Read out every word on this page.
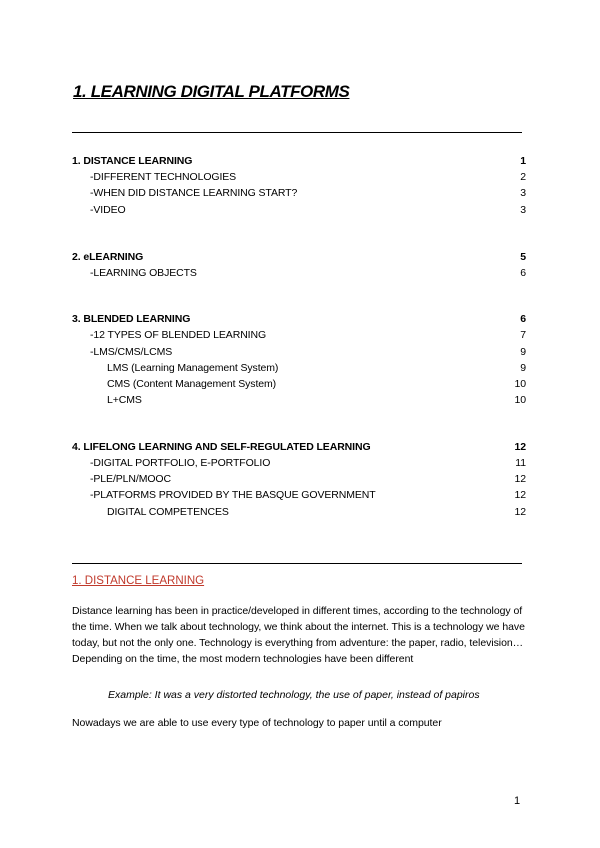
1. LEARNING DIGITAL PLATFORMS
1. DISTANCE LEARNING	1
-DIFFERENT TECHNOLOGIES	2
-WHEN DID DISTANCE LEARNING START?	3
-VIDEO	3
2. eLEARNING	5
-LEARNING OBJECTS	6
3. BLENDED LEARNING	6
-12 TYPES OF BLENDED LEARNING	7
-LMS/CMS/LCMS	9
LMS (Learning Management System)	9
CMS (Content Management System)	10
L+CMS	10
4. LIFELONG LEARNING AND SELF-REGULATED LEARNING	12
-DIGITAL PORTFOLIO, E-PORTFOLIO	11
-PLE/PLN/MOOC	12
-PLATFORMS PROVIDED BY THE BASQUE GOVERNMENT	12
DIGITAL COMPETENCES	12
1. DISTANCE LEARNING

Distance learning has been in practice/developed in different times, according to the technology of the time. When we talk about technology, we think about the internet. This is a technology we have today, but not the only one. Technology is everything from adventure: the paper, radio, television… Depending on the time, the most modern technologies have been different

Example: It was a very distorted technology, the use of paper, instead of papiros

Nowadays we are able to use every type of technology to paper until a computer

1
